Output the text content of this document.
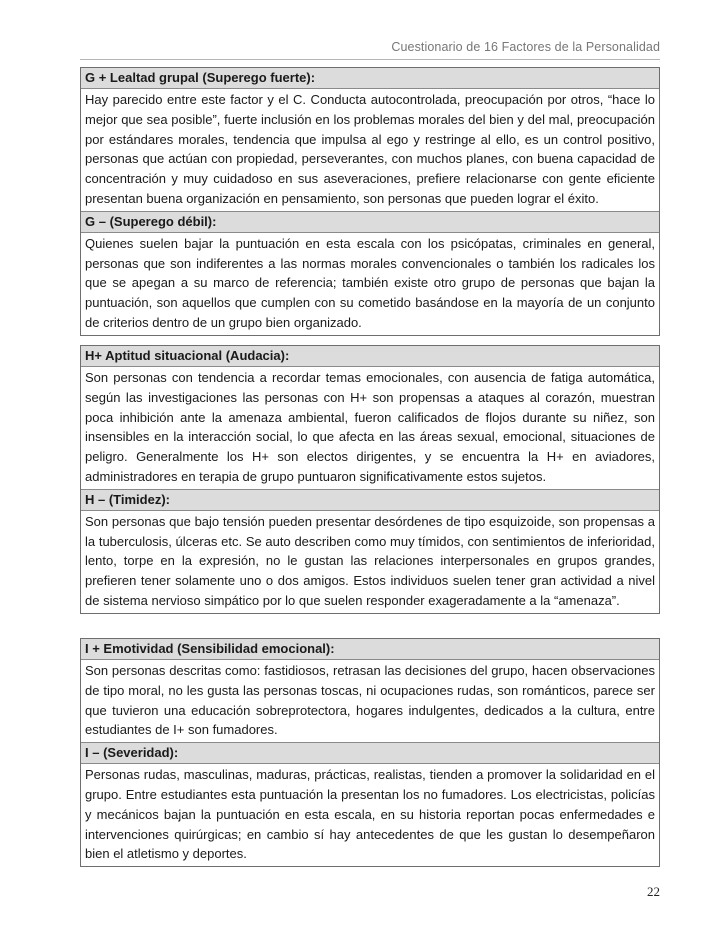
Cuestionario de 16 Factores de la Personalidad
G + Lealtad grupal (Superego fuerte):
Hay parecido entre este factor y el C. Conducta autocontrolada, preocupación por otros, “hace lo mejor que sea posible”, fuerte inclusión en los problemas morales del bien y del mal, preocupación por estándares morales, tendencia que impulsa al ego y restringe al ello, es un control positivo, personas que actúan con propiedad, perseverantes, con muchos planes, con buena capacidad de concentración y muy cuidadoso en sus aseveraciones, prefiere relacionarse con gente eficiente presentan buena organización en pensamiento, son personas que pueden lograr el éxito.
G – (Superego débil):
Quienes suelen bajar la puntuación en esta escala con los psicópatas, criminales en general, personas que son indiferentes a las normas morales convencionales o también los radicales los que se apegan a su marco de referencia; también existe otro grupo de personas que bajan la puntuación, son aquellos que cumplen con su cometido basándose en la mayoría de un conjunto de criterios dentro de un grupo bien organizado.
H+ Aptitud situacional (Audacia):
Son personas con tendencia a recordar temas emocionales, con ausencia de fatiga automática, según las investigaciones las personas con H+ son propensas a ataques al corazón, muestran poca inhibición ante la amenaza ambiental, fueron calificados de flojos durante su niñez, son insensibles en la interacción social, lo que afecta en las áreas sexual, emocional, situaciones de peligro. Generalmente los H+ son electos dirigentes, y se encuentra la H+ en aviadores, administradores en terapia de grupo puntuaron significativamente estos sujetos.
H – (Timidez):
Son personas que bajo tensión pueden presentar desórdenes de tipo esquizoide, son propensas a la tuberculosis, úlceras etc. Se auto describen como muy tímidos, con sentimientos de inferioridad, lento, torpe en la expresión, no le gustan las relaciones interpersonales en grupos grandes, prefieren tener solamente uno o dos amigos. Estos individuos suelen tener gran actividad a nivel de sistema nervioso simpático por lo que suelen responder exageradamente a la “amenaza”.
I + Emotividad (Sensibilidad emocional):
Son personas descritas como: fastidiosos, retrasan las decisiones del grupo, hacen observaciones de tipo moral, no les gusta las personas toscas, ni ocupaciones rudas, son románticos, parece ser que tuvieron una educación sobreprotectora, hogares indulgentes, dedicados a la cultura, entre estudiantes de I+ son fumadores.
I – (Severidad):
Personas rudas, masculinas, maduras, prácticas, realistas, tienden a promover la solidaridad en el grupo. Entre estudiantes esta puntuación la presentan los no fumadores. Los electricistas, policías y mecánicos bajan la puntuación en esta escala, en su historia reportan pocas enfermedades e intervenciones quirúrgicas; en cambio sí hay antecedentes de que les gustan lo desempeñaron bien el atletismo y deportes.
22
